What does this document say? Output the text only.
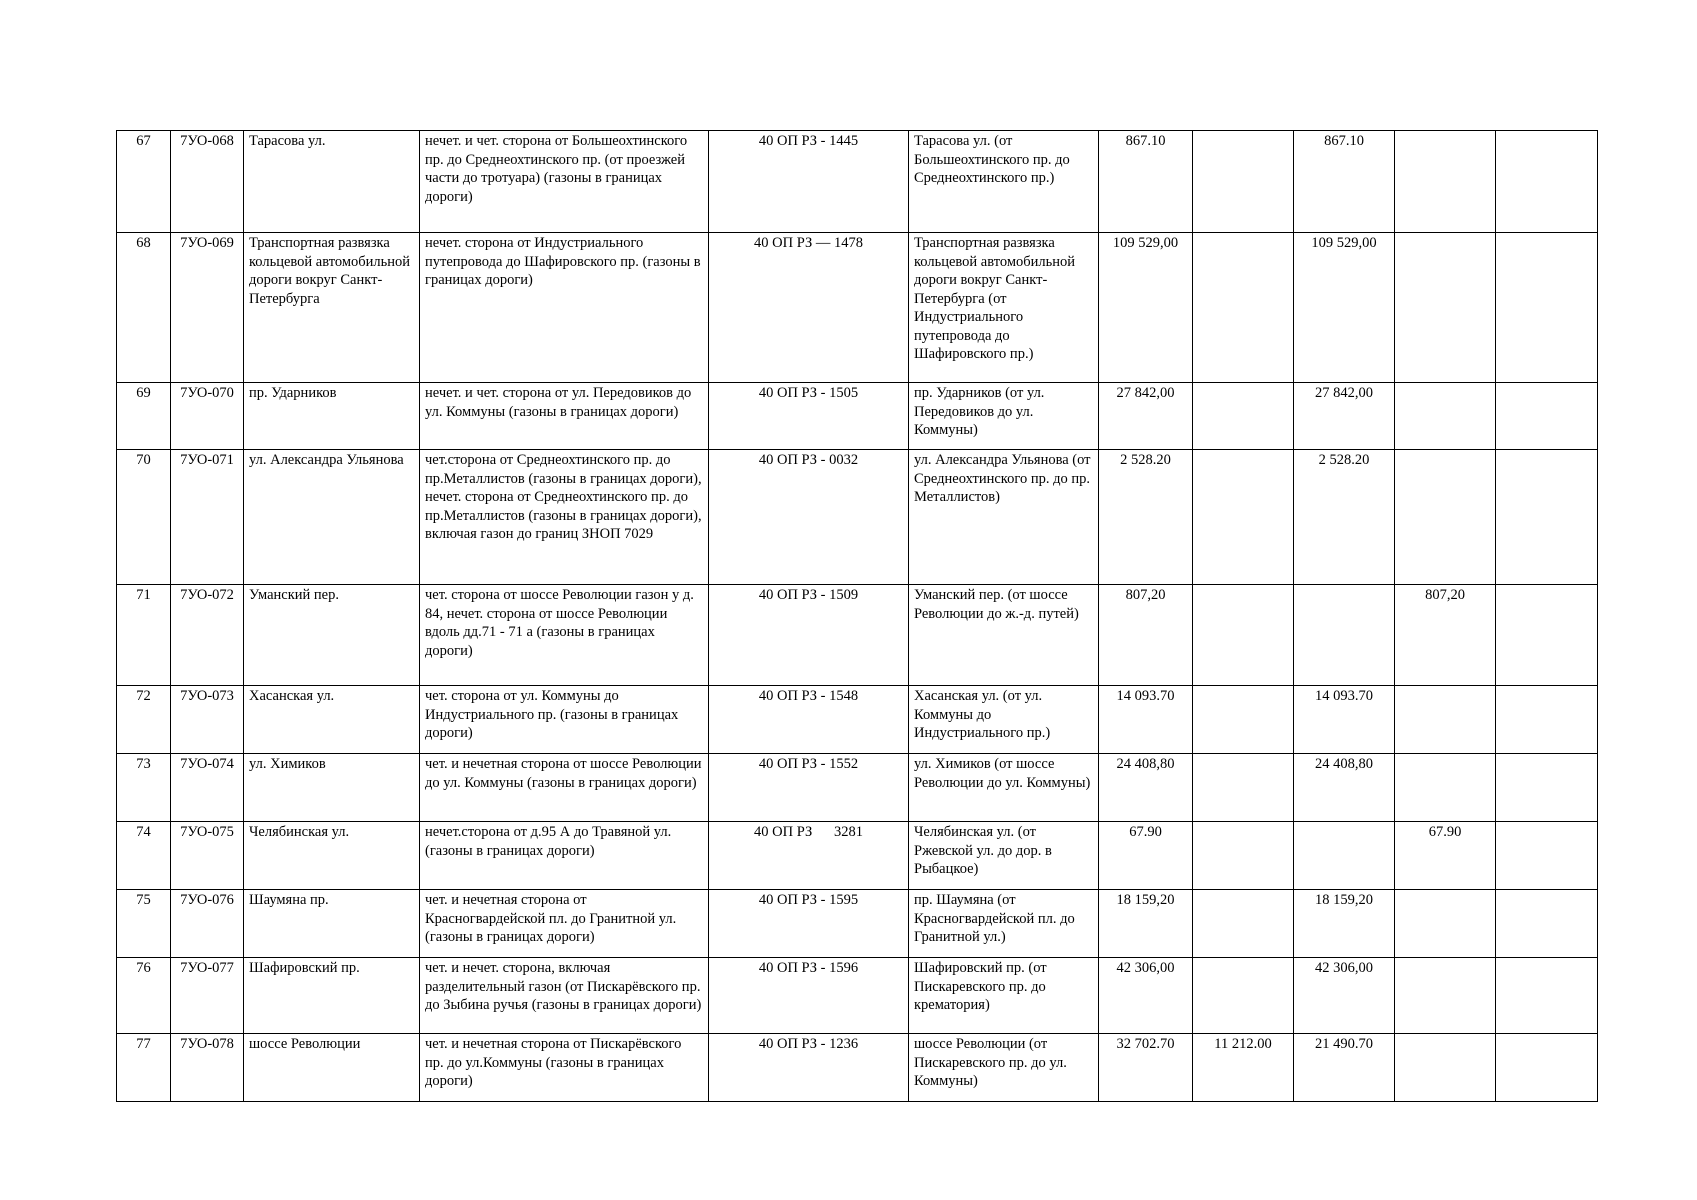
67	7УО-068	Тарасова ул.	нечет. и чет. сторона от Большеохтинского пр. до Среднеохтинского пр. (от проезжей части до тротуара) (газоны в границах дороги)	40 ОП РЗ - 1445	Тарасова ул. (от Большеохтинского пр. до Среднеохтинского пр.)	867.10		867.10		
68	7УО-069	Транспортная развязка кольцевой автомобильной дороги вокруг Санкт-Петербурга	нечет. сторона от Индустриального путепровода до Шафировского пр. (газоны в границах дороги)	40 ОП РЗ — 1478	Транспортная развязка кольцевой автомобильной дороги вокруг Санкт-Петербурга (от Индустриального путепровода до Шафировского пр.)	109 529,00		109 529,00		
69	7УО-070	пр. Ударников	нечет. и чет. сторона от ул. Передовиков до ул. Коммуны (газоны в границах дороги)	40 ОП РЗ - 1505	пр. Ударников (от ул. Передовиков до ул. Коммуны)	27 842,00		27 842,00		
70	7УО-071	ул. Александра Ульянова	чет.сторона от Среднеохтинского пр. до пр.Металлистов (газоны в границах дороги), нечет. сторона от Среднеохтинского пр. до пр.Металлистов (газоны в границах дороги), включая газон до границ ЗНОП 7029	40 ОП РЗ - 0032	ул. Александра Ульянова (от Среднеохтинского пр. до пр. Металлистов)	2 528.20		2 528.20		
71	7УО-072	Уманский пер.	чет. сторона от шоссе Революции газон у д. 84, нечет. сторона от шоссе Революции вдоль дд.71 - 71 а (газоны в границах дороги)	40 ОП РЗ - 1509	Уманский пер. (от шоссе Революции до ж.-д. путей)	807,20			807,20	
72	7УО-073	Хасанская ул.	чет. сторона от ул. Коммуны до Индустриального пр. (газоны в границах дороги)	40 ОП РЗ - 1548	Хасанская ул. (от ул. Коммуны до Индустриального пр.)	14 093.70		14 093.70		
73	7УО-074	ул. Химиков	чет. и нечетная сторона от шоссе Революции до ул. Коммуны (газоны в границах дороги)	40 ОП РЗ - 1552	ул. Химиков (от шоссе Революции до ул. Коммуны)	24 408,80		24 408,80		
74	7УО-075	Челябинская ул.	нечет.сторона от д.95 А до Травяной ул.(газоны в границах дороги)	40 ОП РЗ      3281	Челябинская ул. (от Ржевской ул. до дор. в Рыбацкое)	67.90			67.90	
75	7УО-076	Шаумяна пр.	чет. и нечетная сторона от Красногвардейской пл. до Гранитной ул. (газоны в границах дороги)	40 ОП РЗ - 1595	пр. Шаумяна (от Красногвардейской пл. до Гранитной ул.)	18 159,20		18 159,20		
76	7УО-077	Шафировский пр.	чет. и нечет. сторона, включая разделительный газон (от Пискарёвского пр. до Зыбина ручья (газоны в границах дороги)	40 ОП РЗ - 1596	Шафировский пр. (от Пискаревского пр. до крематория)	42 306,00		42 306,00		
77	7УО-078	шоссе Революции	чет. и нечетная сторона от Пискарёвского пр. до ул.Коммуны (газоны в границах дороги)	40 ОП РЗ - 1236	шоссе Революции (от Пискаревского пр. до ул. Коммуны)	32 702.70	11 212.00	21 490.70		
